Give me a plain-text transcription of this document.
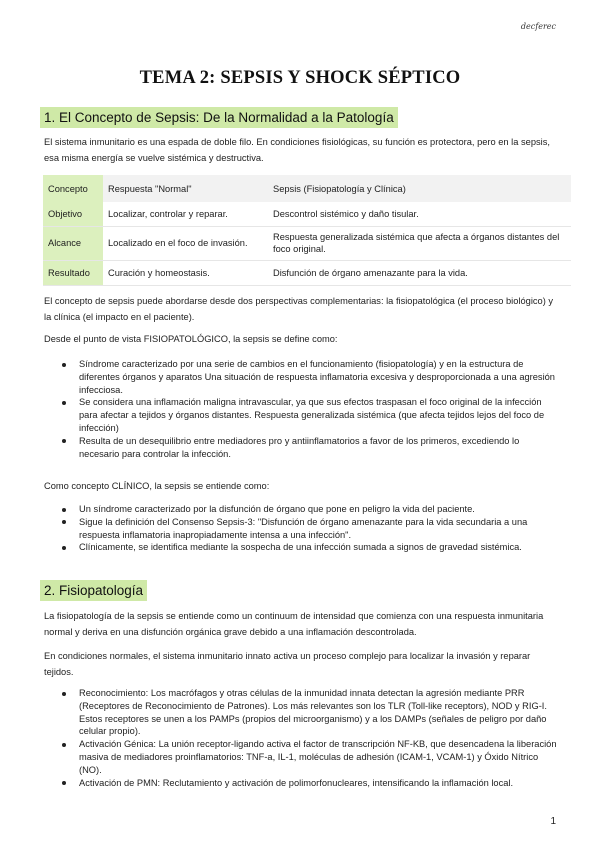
decferec
TEMA 2: SEPSIS Y SHOCK SÉPTICO
1. El Concepto de Sepsis: De la Normalidad a la Patología

El sistema inmunitario es una espada de doble filo. En condiciones fisiológicas, su función es protectora, pero en la sepsis, esa misma energía se vuelve sistémica y destructiva.

Concepto	Respuesta "Normal"	Sepsis (Fisiopatología y Clínica)
Objetivo	Localizar, controlar y reparar.	Descontrol sistémico y daño tisular.
Alcance	Localizado en el foco de invasión.	Respuesta generalizada sistémica que afecta a órganos distantes del foco original.
Resultado	Curación y homeostasis.	Disfunción de órgano amenazante para la vida.

El concepto de sepsis puede abordarse desde dos perspectivas complementarias: la fisiopatológica (el proceso biológico) y la clínica (el impacto en el paciente).

Desde el punto de vista FISIOPATOLÓGICO, la sepsis se define como:

Síndrome caracterizado por una serie de cambios en el funcionamiento (fisiopatología) y en la estructura de diferentes órganos y aparatos Una situación de respuesta inflamatoria excesiva y desproporcionada a una agresión infecciosa.
Se considera una inflamación maligna intravascular, ya que sus efectos traspasan el foco original de la infección para afectar a tejidos y órganos distantes. Respuesta generalizada sistémica (que afecta tejidos lejos del foco de infección)
Resulta de un desequilibrio entre mediadores pro y antiinflamatorios a favor de los primeros, excediendo lo necesario para controlar la infección.

Como concepto CLÍNICO, la sepsis se entiende como:

Un síndrome caracterizado por la disfunción de órgano que pone en peligro la vida del paciente.
Sigue la definición del Consenso Sepsis-3: "Disfunción de órgano amenazante para la vida secundaria a una respuesta inflamatoria inapropiadamente intensa a una infección".
Clínicamente, se identifica mediante la sospecha de una infección sumada a signos de gravedad sistémica.
2. Fisiopatología

La fisiopatología de la sepsis se entiende como un continuum de intensidad que comienza con una respuesta inmunitaria normal y deriva en una disfunción orgánica grave debido a una inflamación descontrolada.

En condiciones normales, el sistema inmunitario innato activa un proceso complejo para localizar la invasión y reparar tejidos.

Reconocimiento: Los macrófagos y otras células de la inmunidad innata detectan la agresión mediante PRR (Receptores de Reconocimiento de Patrones). Los más relevantes son los TLR (Toll-like receptors), NOD y RIG-I. Estos receptores se unen a los PAMPs (propios del microorganismo) y a los DAMPs (señales de peligro por daño celular propio).
Activación Génica: La unión receptor-ligando activa el factor de transcripción NF-KB, que desencadena la liberación masiva de mediadores proinflamatorios: TNF-a, IL-1, moléculas de adhesión (ICAM-1, VCAM-1) y Óxido Nítrico (NO).
Activación de PMN: Reclutamiento y activación de polimorfonucleares, intensificando la inflamación local.
1
